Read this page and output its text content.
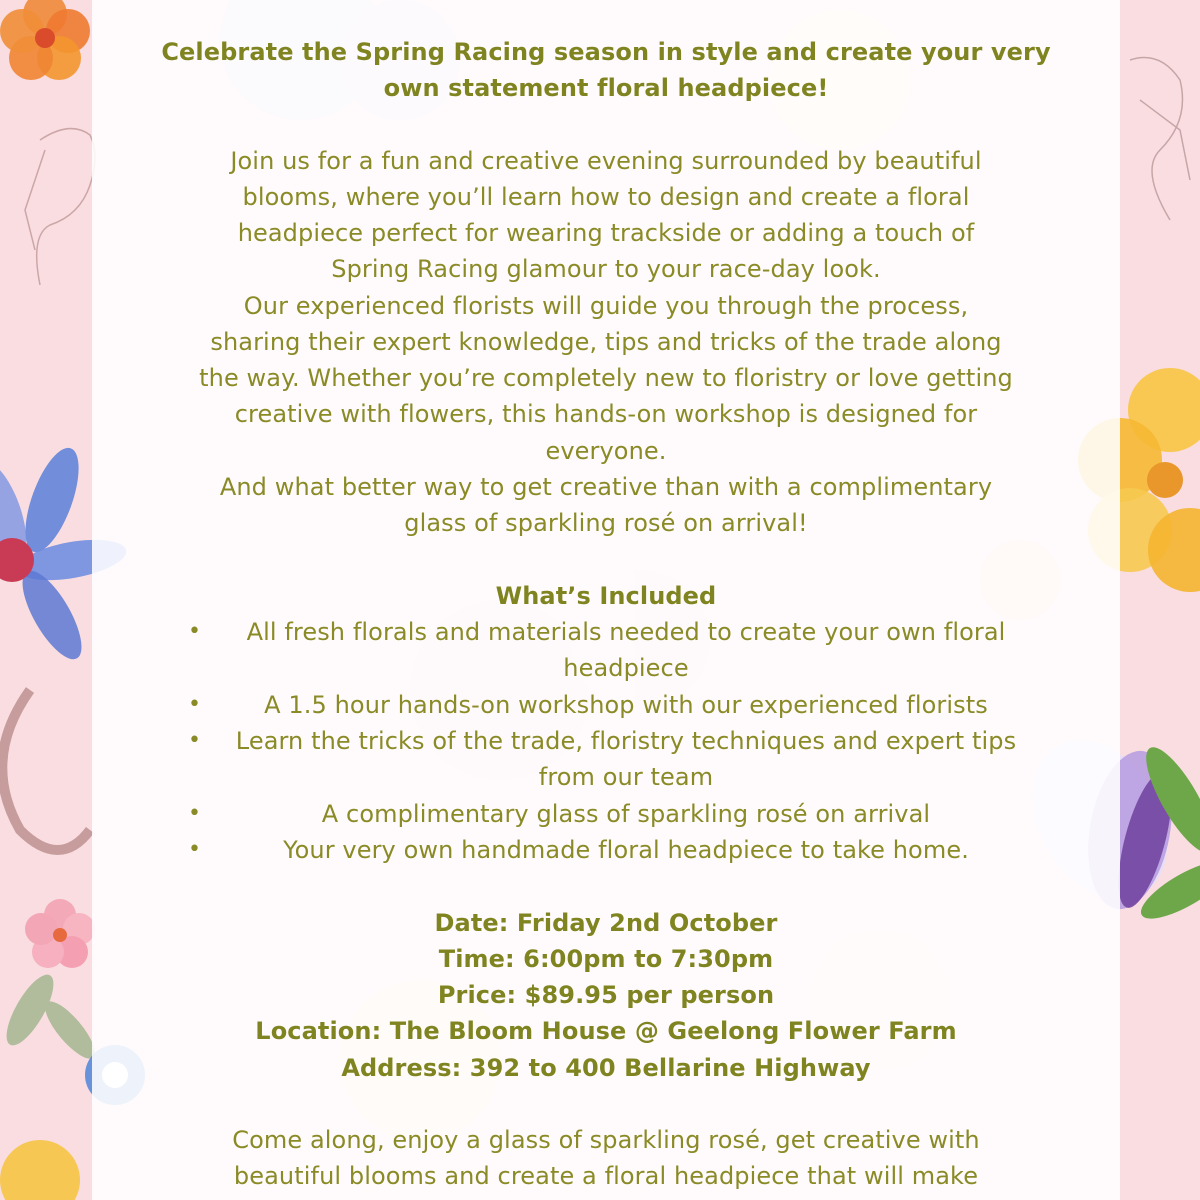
Celebrate the Spring Racing season in style and create your very
own statement floral headpiece!
Join us for a fun and creative evening surrounded by beautiful
blooms, where you’ll learn how to design and create a floral
headpiece perfect for wearing trackside or adding a touch of
Spring Racing glamour to your race-day look.
Our experienced florists will guide you through the process,
sharing their expert knowledge, tips and tricks of the trade along
the way. Whether you’re completely new to floristry or love getting
creative with flowers, this hands-on workshop is designed for
everyone.
And what better way to get creative than with a complimentary
glass of sparkling rosé on arrival!
What’s Included
•	All fresh florals and materials needed to create your own floral
headpiece
•	A 1.5 hour hands-on workshop with our experienced florists
•	Learn the tricks of the trade, floristry techniques and expert tips
from our team
•	A complimentary glass of sparkling rosé on arrival
•	Your very own handmade floral headpiece to take home.
Date: Friday 2nd October
Time: 6:00pm to 7:30pm
Price: $89.95 per person
Location: The Bloom House @ Geelong Flower Farm
Address: 392 to 400 Bellarine Highway
Come along, enjoy a glass of sparkling rosé, get creative with
beautiful blooms and create a floral headpiece that will make
